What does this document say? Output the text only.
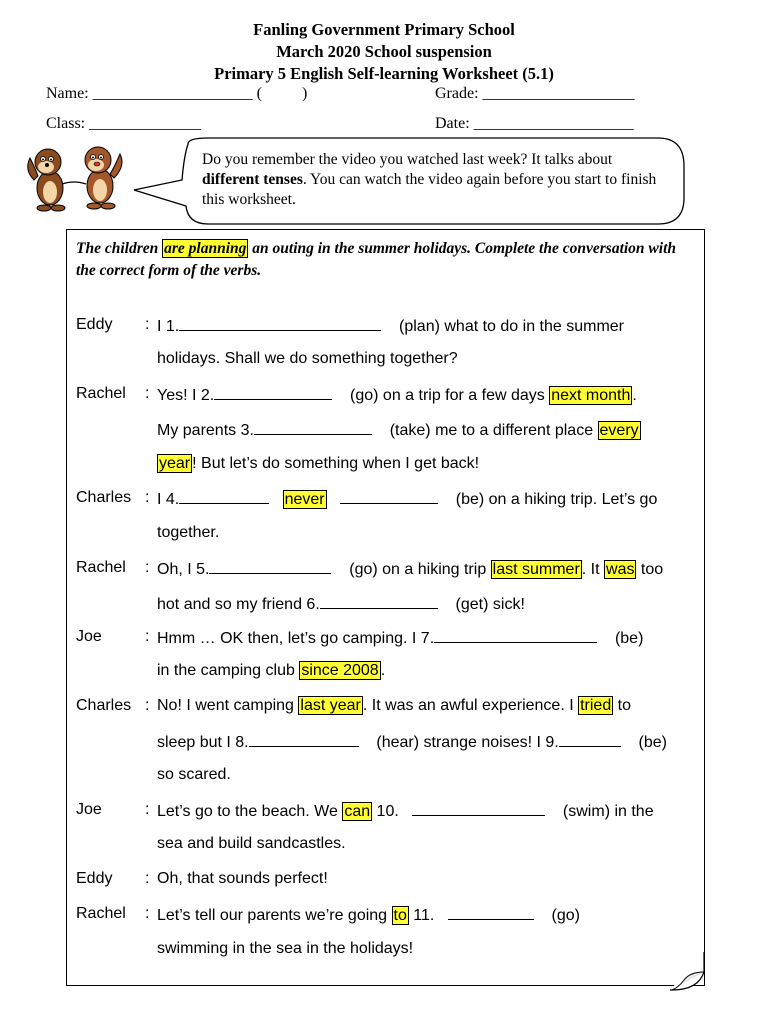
Fanling Government Primary School
March 2020 School suspension
Primary 5 English Self-learning Worksheet (5.1)
Name: ____________________ (          )	Grade: ___________________
Class: ______________	Date: ____________________
Do you remember the video you watched last week? It talks about different tenses. You can watch the video again before you start to finish this worksheet.
The children are planning an outing in the summer holidays. Complete the conversation with the correct form of the verbs.
Eddy : I 1.	(plan) what to do in the summer
holidays. Shall we do something together?
Rachel : Yes! I 2.	(go) on a trip for a few days next month .
My parents 3.	(take) me to a different place every
year ! But let’s do something when I get back!
Charles : I 4.	never	(be) on a hiking trip. Let’s go
together.
Rachel : Oh, I 5.	(go) on a hiking trip last summer . It was too
hot and so my friend 6.	(get) sick!
Joe	: Hmm … OK then, let’s go camping. I 7.	(be)
in the camping club since 2008 .
Charles : No! I went camping last year . It was an awful experience. I tried to
sleep but I 8.	(hear) strange noises! I 9.	(be)
so scared.
Joe	: Let’s go to the beach. We can 10.	(swim) in the
sea and build sandcastles.
Eddy : Oh, that sounds perfect!
Rachel : Let’s tell our parents we’re going to 11.	(go)
swimming in the sea in the holidays!
